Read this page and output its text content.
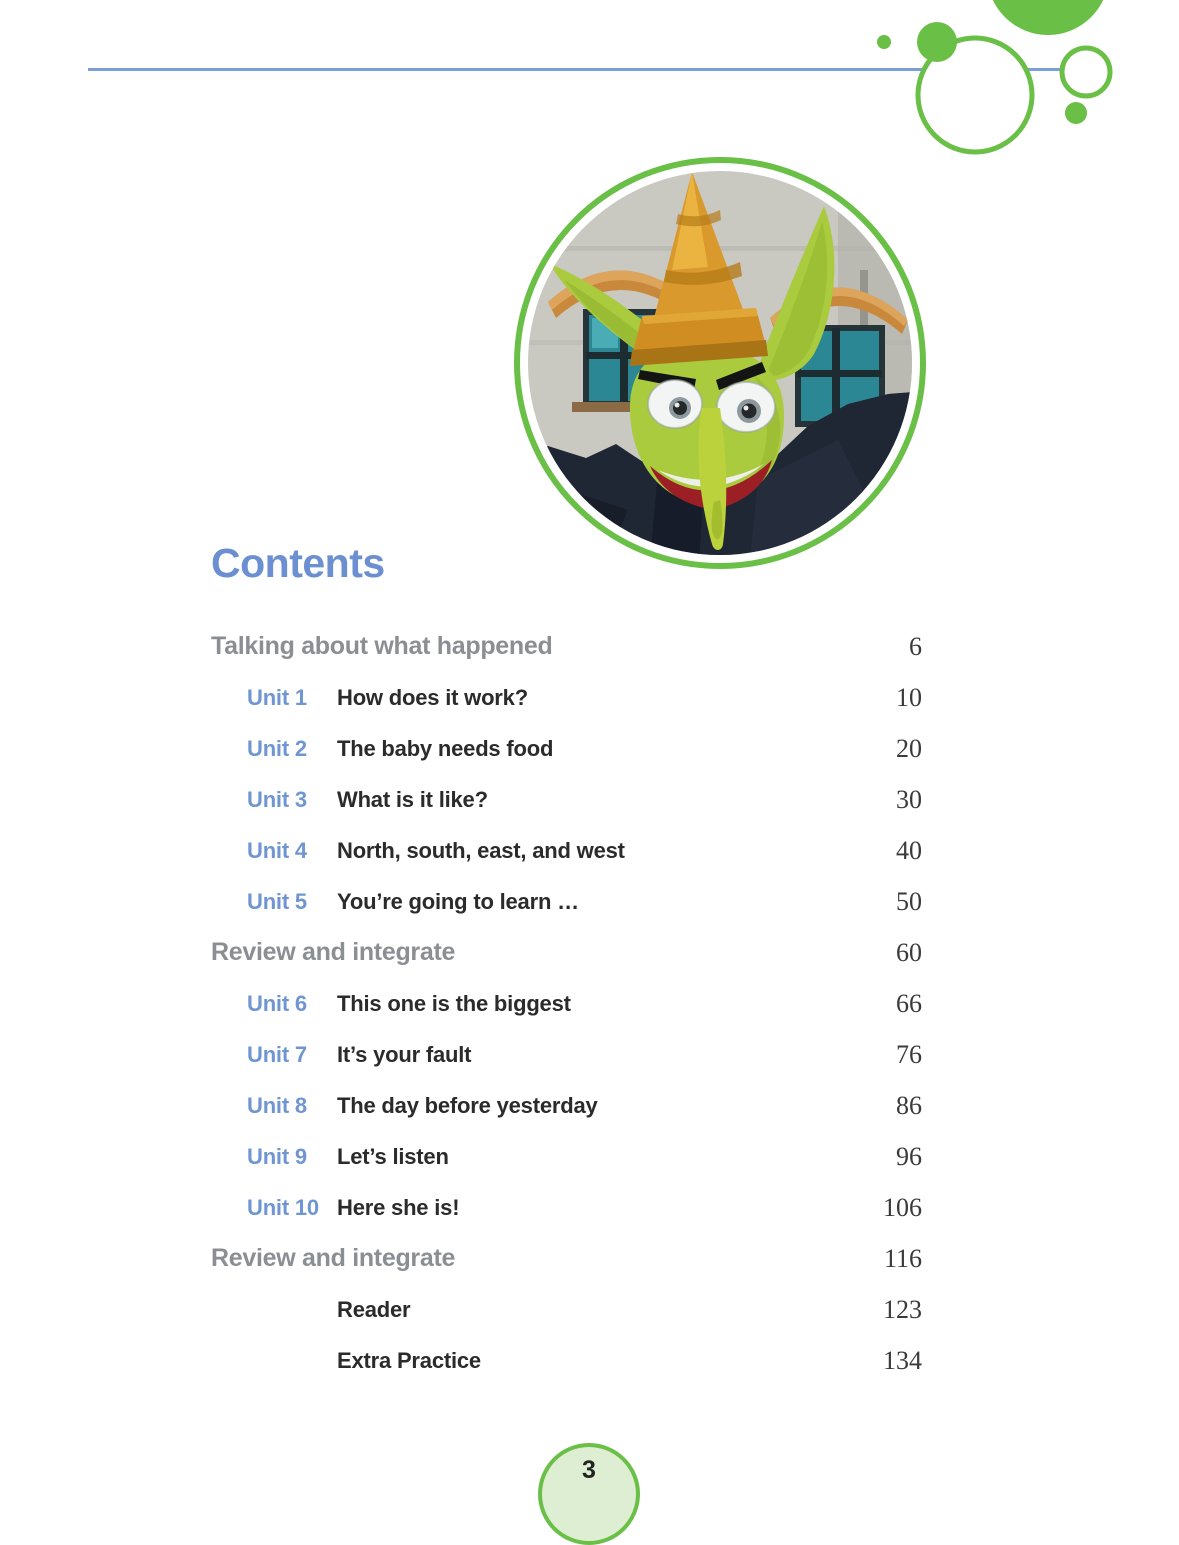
Contents
Talking about what happened	6
Unit 1	How does it work?	10
Unit 2	The baby needs food	20
Unit 3	What is it like?	30
Unit 4	North, south, east, and west	40
Unit 5	You’re going to learn …	50
Review and integrate	60
Unit 6	This one is the biggest	66
Unit 7	It’s your fault	76
Unit 8	The day before yesterday	86
Unit 9	Let’s listen	96
Unit 10 Here she is!	106
Review and integrate	116
Reader	123
Extra Practice	134
3
